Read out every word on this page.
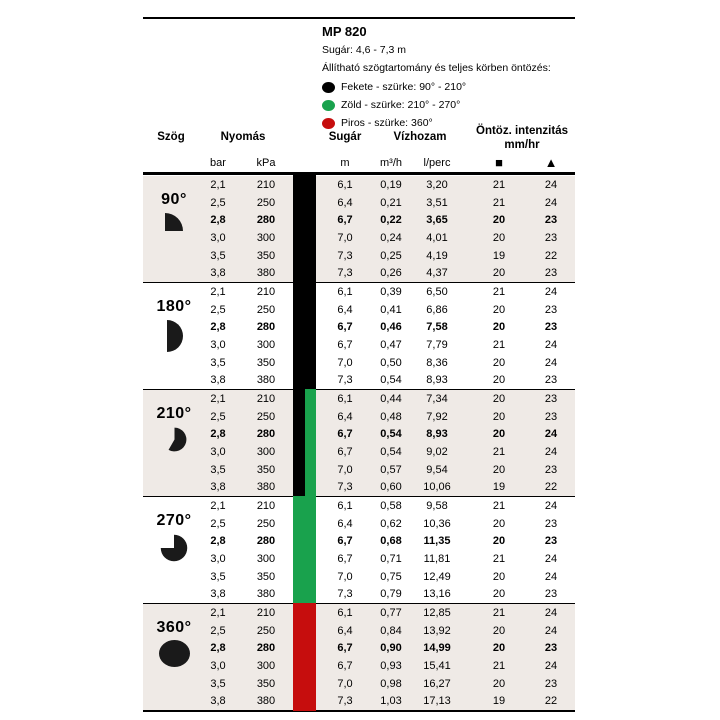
MP 820
Sugár: 4,6 - 7,3 m
Állítható szögtartomány és teljes körben öntözés:
Fekete - szürke: 90° - 210°
Zöld - szürke: 210° - 270°
Piros - szürke: 360°
Szög	Nyomás	Sugár	Vízhozam	Öntöz. intenzitás
mm/hr
bar	kPa	m	m³/h	l/perc	■	▲
90°
2,1	210	6,1	0,19	3,20	21	24
2,5	250	6,4	0,21	3,51	21	24
2,8	280	6,7	0,22	3,65	20	23
3,0	300	7,0	0,24	4,01	20	23
3,5	350	7,3	0,25	4,19	19	22
3,8	380	7,3	0,26	4,37	20	23
180°
2,1	210	6,1	0,39	6,50	21	24
2,5	250	6,4	0,41	6,86	20	23
2,8	280	6,7	0,46	7,58	20	23
3,0	300	6,7	0,47	7,79	21	24
3,5	350	7,0	0,50	8,36	20	24
3,8	380	7,3	0,54	8,93	20	23
210°
2,1	210	6,1	0,44	7,34	20	23
2,5	250	6,4	0,48	7,92	20	23
2,8	280	6,7	0,54	8,93	20	24
3,0	300	6,7	0,54	9,02	21	24
3,5	350	7,0	0,57	9,54	20	23
3,8	380	7,3	0,60	10,06	19	22
270°
2,1	210	6,1	0,58	9,58	21	24
2,5	250	6,4	0,62	10,36	20	23
2,8	280	6,7	0,68	11,35	20	23
3,0	300	6,7	0,71	11,81	21	24
3,5	350	7,0	0,75	12,49	20	24
3,8	380	7,3	0,79	13,16	20	23
360°
2,1	210	6,1	0,77	12,85	21	24
2,5	250	6,4	0,84	13,92	20	24
2,8	280	6,7	0,90	14,99	20	23
3,0	300	6,7	0,93	15,41	21	24
3,5	350	7,0	0,98	16,27	20	23
3,8	380	7,3	1,03	17,13	19	22
